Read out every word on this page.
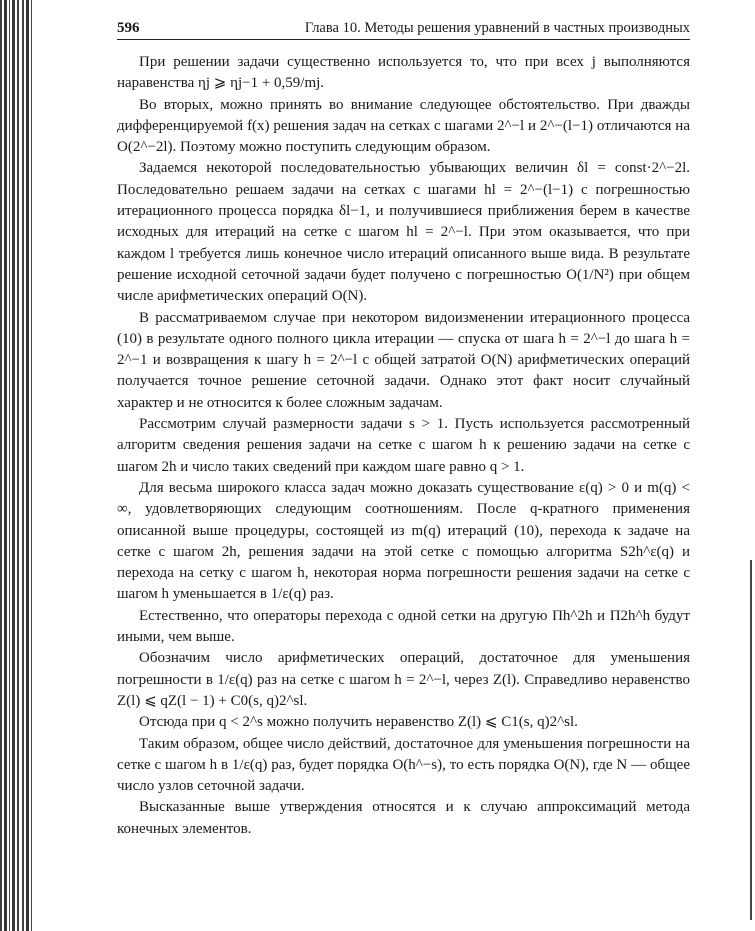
596	Глава 10. Методы решения уравнений в частных производных

При решении задачи существенно используется то, что при всех j выполняются наравенства ηj ⩾ ηj−1 + 0,59/mj.

Во вторых, можно принять во внимание следующее обстоятельство. При дважды дифференцируемой f(x) решения задач на сетках с шагами 2^−l и 2^−(l−1) отличаются на O(2^−2l). Поэтому можно поступить следующим образом.

Задаемся некоторой последовательностью убывающих величин δl = const·2^−2l. Последовательно решаем задачи на сетках с шагами hl = 2^−(l−1) с погрешностью итерационного процесса порядка δl−1, и получившиеся приближения берем в качестве исходных для итераций на сетке с шагом hl = 2^−l. При этом оказывается, что при каждом l требуется лишь конечное число итераций описанного выше вида. В результате решение исходной сеточной задачи будет получено с погрешностью O(1/N²) при общем числе арифметических операций O(N).

В рассматриваемом случае при некотором видоизменении итерационного процесса (10) в результате одного полного цикла итерации — спуска от шага h = 2^−l до шага h = 2^−1 и возвращения к шагу h = 2^−l с общей затратой O(N) арифметических операций получается точное решение сеточной задачи. Однако этот факт носит случайный характер и не относится к более сложным задачам.

Рассмотрим случай размерности задачи s > 1. Пусть используется рассмотренный алгоритм сведения решения задачи на сетке с шагом h к решению задачи на сетке с шагом 2h и число таких сведений при каждом шаге равно q > 1.

Для весьма широкого класса задач можно доказать существование ε(q) > 0 и m(q) < ∞, удовлетворяющих следующим соотношениям. После q-кратного применения описанной выше процедуры, состоящей из m(q) итераций (10), перехода к задаче на сетке с шагом 2h, решения задачи на этой сетке с помощью алгоритма S2h^ε(q) и перехода на сетку с шагом h, некоторая норма погрешности решения задачи на сетке с шагом h уменьшается в 1/ε(q) раз.

Естественно, что операторы перехода с одной сетки на другую Πh^2h и Π2h^h будут иными, чем выше.

Обозначим число арифметических операций, достаточное для уменьшения погрешности в 1/ε(q) раз на сетке с шагом h = 2^−l, через Z(l). Справедливо неравенство Z(l) ⩽ qZ(l − 1) + C0(s, q)2^sl.

Отсюда при q < 2^s можно получить неравенство Z(l) ⩽ C1(s, q)2^sl.

Таким образом, общее число действий, достаточное для уменьшения погрешности на сетке с шагом h в 1/ε(q) раз, будет порядка O(h^−s), то есть порядка O(N), где N — общее число узлов сеточной задачи.

Высказанные выше утверждения относятся и к случаю аппроксимаций метода конечных элементов.
